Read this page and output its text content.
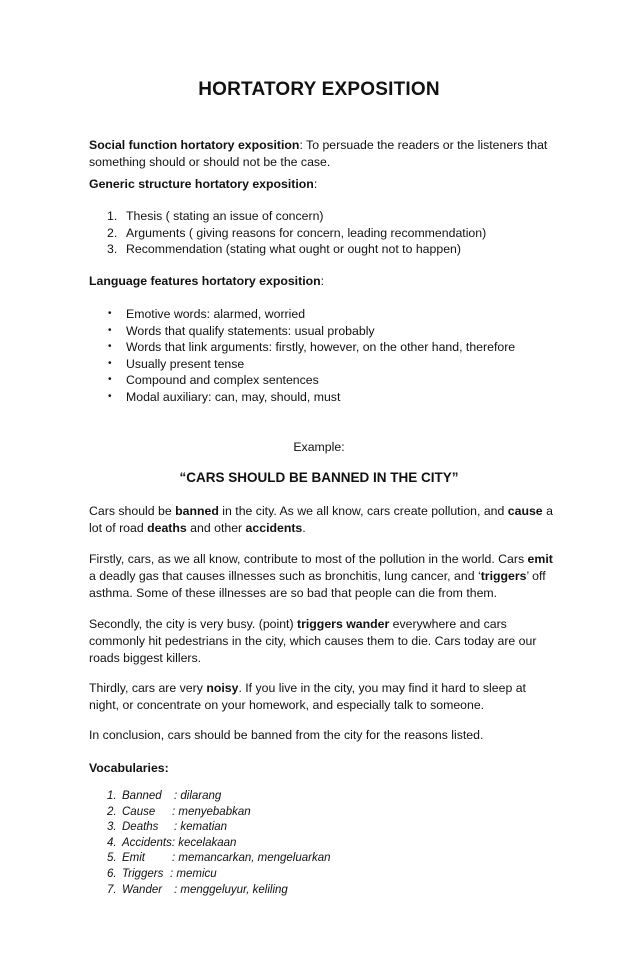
HORTATORY EXPOSITION
Social function hortatory exposition: To persuade the readers or the listeners that something should or should not be the case.
Generic structure hortatory exposition:
1. Thesis ( stating an issue of concern)
2. Arguments ( giving reasons for concern, leading recommendation)
3. Recommendation (stating what ought or ought not to happen)
Language features hortatory exposition:
• Emotive words: alarmed, worried
• Words that qualify statements: usual probably
• Words that link arguments: firstly, however, on the other hand, therefore
• Usually present tense
• Compound and complex sentences
• Modal auxiliary: can, may, should, must
Example:
“CARS SHOULD BE BANNED IN THE CITY”
Cars should be banned in the city. As we all know, cars create pollution, and cause a lot of road deaths and other accidents.
Firstly, cars, as we all know, contribute to most of the pollution in the world. Cars emit a deadly gas that causes illnesses such as bronchitis, lung cancer, and ‘triggers’ off asthma. Some of these illnesses are so bad that people can die from them.
Secondly, the city is very busy. (point) triggers wander everywhere and cars commonly hit pedestrians in the city, which causes them to die. Cars today are our roads biggest killers.
Thirdly, cars are very noisy. If you live in the city, you may find it hard to sleep at night, or concentrate on your homework, and especially talk to someone.
In conclusion, cars should be banned from the city for the reasons listed.
Vocabularies:
1. Banned : dilarang
2. Cause : menyebabkan
3. Deaths : kematian
4. Accidents: kecelakaan
5. Emit : memancarkan, mengeluarkan
6. Triggers : memicu
7. Wander : menggeluyur, keliling
